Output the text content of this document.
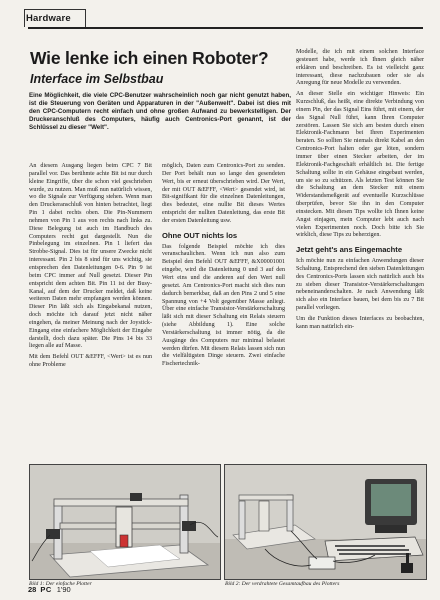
Hardware
Wie lenke ich einen Roboter?
Interface im Selbstbau
Eine Möglichkeit, die viele CPC-Benutzer wahrscheinlich noch gar nicht genutzt haben, ist die Steuerung von Geräten und Apparaturen in der "Außenwelt". Dabei ist dies mit den CPC-Computern recht einfach und ohne großen Aufwand zu bewerkstelligen. Der Druckeranschluß des Computers, häufig auch Centronics-Port genannt, ist der Schlüssel zu dieser "Welt".

An diesem Ausgang liegen beim CPC 7 Bit parallel vor. Das berühmte achte Bit ist nur durch kleine Eingriffe, über die schon viel geschrieben wurde, zu nutzen. Man muß nun natürlich wissen, wo die Signale zur Verfügung stehen. Wenn man den Druckeranschluß von hinten betrachtet, liegt Pin 1 dabei rechts oben. Die Pin-Nummern nehmen von Pin 1 aus von rechts nach links zu. Diese Belegung ist auch im Handbuch des Computers recht gut dargestellt. Nun die Pinbelegung im einzelnen. Pin 1 liefert das Strobbe-Signal. Dies ist für unsere Zwecke nicht interessant. Pin 2 bis 8 sind für uns wichtig, sie entsprechen den Datenleitungen 0-6. Pin 9 ist beim CPC immer auf Null gesetzt. Dieser Pin entspricht dem achten Bit. Pin 11 ist der Busy-Kanal, auf dem der Drucker meldet, daß keine weiteren Daten mehr empfangen werden können. Dieser Pin läßt sich als Eingabekanal nutzen, doch möchte ich darauf jetzt nicht näher eingehen, da meiner Meinung nach der Joystick-Eingang eine einfachere Möglichkeit der Eingabe darstellt, doch dazu später. Die Pins 14 bis 33 liegen alle auf Masse.

Mit dem Befehl OUT &EFFF, <Wert> ist es nun ohne Probleme

möglich, Daten zum Centronics-Port zu senden. Der Port behält nun so lange den gesendeten Wert, bis er erneut überschrieben wird. Der Wert, der mit OUT &EFFF, <Wert> gesendet wird, ist Bit-signifikant für die einzelnen Datenleitungen, dies bedeutet, eine nullte Bit dieses Wertes entspricht der nullten Datenleitung, das erste Bit der ersten Datenleitung usw.

Ohne OUT nichts los

Das folgende Beispiel möchte ich dies veranschaulichen. Wenn ich nun also zum Beispiel den Befehl OUT &EFFF, &X00001001 eingebe, wird die Datenleitung 0 und 3 auf den Wert eins und die anderen auf den Wert null gesetzt. Am Centronics-Port macht sich dies nun dadurch bemerkbar, daß an den Pins 2 und 5 eine Spannung von +4 Volt gegenüber Masse anliegt. Über eine einfache Transistor-Verstärkerschaltung läßt sich mit dieser Schaltung ein Relais steuern (siehe Abbildung 1). Eine solche Verstärkerschaltung ist immer nötig, da die Ausgänge des Computers nur minimal belastet werden dürfen. Mit diesem Relais lassen sich nun die vielfältigsten Dinge steuern. Zwei einfache Fischertechnik-

Modelle, die ich mit einem solchen Interface gesteuert habe, werde ich Ihnen gleich näher erklären und beschreiben. Es ist vielleicht ganz interessant, diese nachzubauen oder sie als Anregung für neue Modelle zu verwenden.

An dieser Stelle ein wichtiger Hinweis: Ein Kurzschluß, das heißt, eine direkte Verbindung von einem Pin, der das Signal Eins führt, mit einem, der das Signal Null führt, kann Ihren Computer zerstören. Lassen Sie sich am besten durch einen Elektronik-Fachmann bei Ihren Experimenten beraten. So sollten Sie niemals direkt Kabel an den Centronics-Port halten oder gar löten, sondern immer über einen Stecker arbeiten, der im Elektronik-Fachgeschäft erhältlich ist. Die fertige Schaltung sollte in ein Gehäuse eingebaut werden, um sie so zu schützen. Als letzten Test können Sie die Schaltung an dem Stecker mit einem Widerstandsmeßgerät auf eventuelle Kurzschlüsse überprüfen, bevor Sie ihn in den Computer einstecken. Mit diesen Tips wollte ich Ihnen keine Angst einjagen, mein Computer lebt auch nach vielen Experimenten noch. Doch bitte ich Sie wirklich, diese Tips zu beherzigen.

Jetzt geht's ans Eingemachte

Ich möchte nun zu einfachen Anwendungen dieser Schaltung. Entsprechend den sieben Datenleitungen des Centronics-Ports lassen sich natürlich auch bis zu sieben dieser Transistor-Verstärkerschaltungen nebeneinanderschalten. Je nach Anwendung läßt sich also ein Interface bauen, bei dem bis zu 7 Bit parallel vorliegen.

Um die Funktion dieses Interfaces zu beobachten, kann man natürlich ein-

Bild 1: Der einfache Plotter	Bild 2: Der verdrahtete Gesamtaufbau des Plotters
28 PC 1'90
